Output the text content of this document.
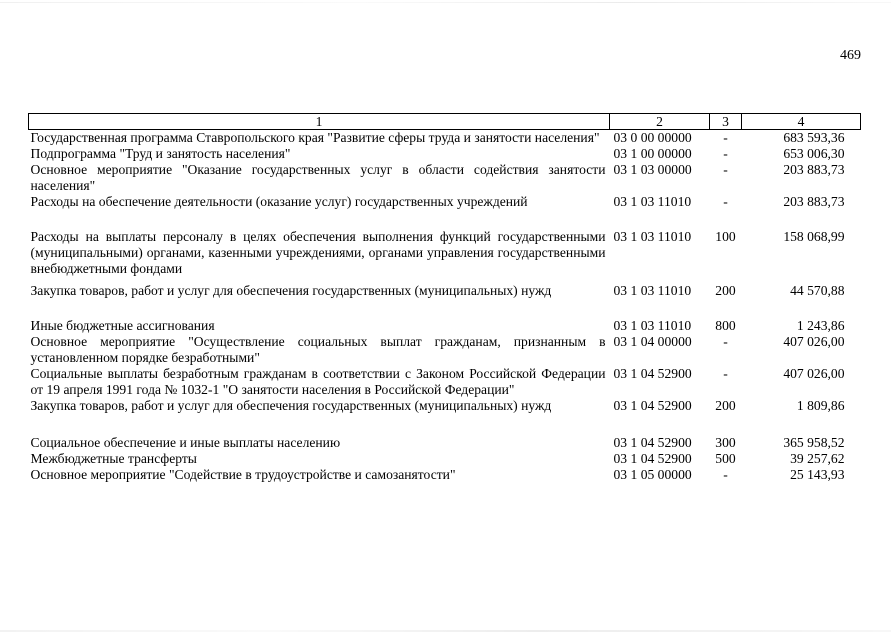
469
1	2	3	4
Государственная программа Ставропольского края "Развитие сферы труда и занятости населения"	03 0 00 00000	-	683 593,36
Подпрограмма "Труд и занятость населения"	03 1 00 00000	-	653 006,30
Основное мероприятие "Оказание государственных услуг в области содействия занятости населения"	03 1 03 00000	-	203 883,73
Расходы на обеспечение деятельности (оказание услуг) государственных учреждений	03 1 03 11010	-	203 883,73
Расходы на выплаты персоналу в целях обеспечения выполнения функций государственными (муниципальными) органами, казенными учреждениями, органами управления государственными внебюджетными фондами	03 1 03 11010	100	158 068,99
Закупка товаров, работ и услуг для обеспечения государственных (муниципальных) нужд	03 1 03 11010	200	44 570,88
Иные бюджетные ассигнования	03 1 03 11010	800	1 243,86
Основное мероприятие "Осуществление социальных выплат гражданам, признанным в установленном порядке безработными"	03 1 04 00000	-	407 026,00
Социальные выплаты безработным гражданам в соответствии с Законом Российской Федерации от 19 апреля 1991 года № 1032-1 "О занятости населения в Российской Федерации"	03 1 04 52900	-	407 026,00
Закупка товаров, работ и услуг для обеспечения государственных (муниципальных) нужд	03 1 04 52900	200	1 809,86
Социальное обеспечение и иные выплаты населению	03 1 04 52900	300	365 958,52
Межбюджетные трансферты	03 1 04 52900	500	39 257,62
Основное мероприятие "Содействие в трудоустройстве и самозанятости"	03 1 05 00000	-	25 143,93
